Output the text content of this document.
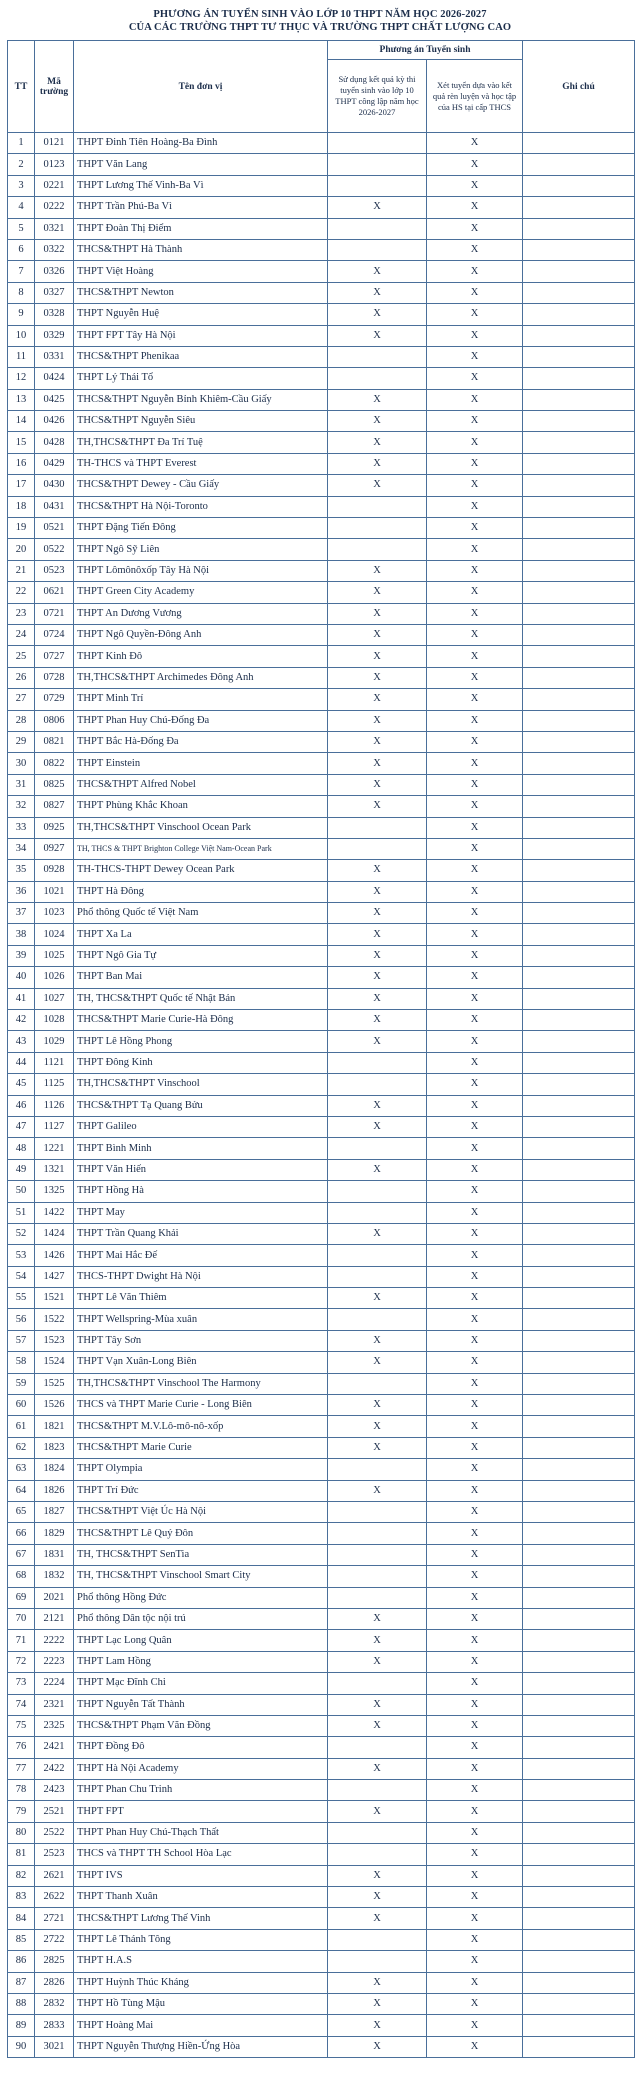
PHƯƠNG ÁN TUYỂN SINH VÀO LỚP 10 THPT NĂM HỌC 2026-2027
CỦA CÁC TRƯỜNG THPT TƯ THỤC VÀ TRƯỜNG THPT CHẤT LƯỢNG CAO
TT	Mã trường	Tên đơn vị	Phương án Tuyển sinh		Ghi chú
			Sử dụng kết quả kỳ thi tuyển sinh vào lớp 10 THPT công lập năm học 2026-2027	Xét tuyển dựa vào kết quả rèn luyện và học tập của HS tại cấp THCS	
1	0121	THPT Đinh Tiên Hoàng-Ba Đình		X	
2	0123	THPT Văn Lang		X	
3	0221	THPT Lương Thế Vinh-Ba Vì		X	
4	0222	THPT Trần Phú-Ba Vì	X	X	
5	0321	THPT Đoàn Thị Điểm		X	
6	0322	THCS&THPT Hà Thành		X	
7	0326	THPT Việt Hoàng	X	X	
8	0327	THCS&THPT Newton	X	X	
9	0328	THPT Nguyễn Huệ	X	X	
10	0329	THPT FPT Tây Hà Nội	X	X	
11	0331	THCS&THPT Phenikaa		X	
12	0424	THPT Lý Thái Tổ		X	
13	0425	THCS&THPT Nguyễn Bỉnh Khiêm-Cầu Giấy	X	X	
14	0426	THCS&THPT Nguyễn Siêu	X	X	
15	0428	TH,THCS&THPT Đa Trí Tuệ	X	X	
16	0429	TH-THCS và THPT Everest	X	X	
17	0430	THCS&THPT Dewey - Cầu Giấy	X	X	
18	0431	THCS&THPT Hà Nội-Toronto		X	
19	0521	THPT Đặng Tiến Đông		X	
20	0522	THPT Ngô Sỹ Liên		X	
21	0523	THPT Lômônôxốp Tây Hà Nội	X	X	
22	0621	THPT Green City Academy	X	X	
23	0721	THPT An Dương Vương	X	X	
24	0724	THPT Ngô Quyền-Đông Anh	X	X	
25	0727	THPT Kinh Đô	X	X	
26	0728	TH,THCS&THPT Archimedes Đông Anh	X	X	
27	0729	THPT Minh Trí	X	X	
28	0806	THPT Phan Huy Chú-Đống Đa	X	X	
29	0821	THPT Bắc Hà-Đống Đa	X	X	
30	0822	THPT Einstein	X	X	
31	0825	THCS&THPT Alfred Nobel	X	X	
32	0827	THPT Phùng Khắc Khoan	X	X	
33	0925	TH,THCS&THPT Vinschool Ocean Park		X	
34	0927	TH, THCS & THPT Brighton College Việt Nam-Ocean Park		X	
35	0928	TH-THCS-THPT Dewey Ocean Park	X	X	
36	1021	THPT Hà Đông	X	X	
37	1023	Phổ thông Quốc tế Việt Nam	X	X	
38	1024	THPT Xa La	X	X	
39	1025	THPT Ngô Gia Tự	X	X	
40	1026	THPT Ban Mai	X	X	
41	1027	TH, THCS&THPT Quốc tế Nhật Bản	X	X	
42	1028	THCS&THPT Marie Curie-Hà Đông	X	X	
43	1029	THPT Lê Hồng Phong	X	X	
44	1121	THPT Đông Kinh		X	
45	1125	TH,THCS&THPT Vinschool		X	
46	1126	THCS&THPT Tạ Quang Bửu	X	X	
47	1127	THPT Galileo	X	X	
48	1221	THPT Bình Minh		X	
49	1321	THPT Văn Hiến	X	X	
50	1325	THPT Hồng Hà		X	
51	1422	THPT May		X	
52	1424	THPT Trần Quang Khải	X	X	
53	1426	THPT Mai Hắc Đế		X	
54	1427	THCS-THPT Dwight Hà Nội		X	
55	1521	THPT Lê Văn Thiêm	X	X	
56	1522	THPT Wellspring-Mùa xuân		X	
57	1523	THPT Tây Sơn	X	X	
58	1524	THPT Vạn Xuân-Long Biên	X	X	
59	1525	TH,THCS&THPT Vinschool The Harmony		X	
60	1526	THCS và THPT Marie Curie - Long Biên	X	X	
61	1821	THCS&THPT M.V.Lô-mô-nô-xốp	X	X	
62	1823	THCS&THPT Marie Curie	X	X	
63	1824	THPT Olympia		X	
64	1826	THPT Trí Đức	X	X	
65	1827	THCS&THPT Việt Úc Hà Nội		X	
66	1829	THCS&THPT Lê Quý Đôn		X	
67	1831	TH, THCS&THPT SenTia		X	
68	1832	TH, THCS&THPT Vinschool Smart City		X	
69	2021	Phổ thông Hồng Đức		X	
70	2121	Phổ thông Dân tộc nội trú	X	X	
71	2222	THPT Lạc Long Quân	X	X	
72	2223	THPT Lam Hồng	X	X	
73	2224	THPT Mạc Đĩnh Chi		X	
74	2321	THPT Nguyễn Tất Thành	X	X	
75	2325	THCS&THPT Phạm Văn Đồng	X	X	
76	2421	THPT Đồng Đô		X	
77	2422	THPT Hà Nội Academy	X	X	
78	2423	THPT Phan Chu Trinh		X	
79	2521	THPT FPT	X	X	
80	2522	THPT Phan Huy Chú-Thạch Thất		X	
81	2523	THCS và THPT TH School Hòa Lạc		X	
82	2621	THPT IVS	X	X	
83	2622	THPT Thanh Xuân	X	X	
84	2721	THCS&THPT Lương Thế Vinh	X	X	
85	2722	THPT Lê Thánh Tông		X	
86	2825	THPT H.A.S		X	
87	2826	THPT Huỳnh Thúc Kháng	X	X	
88	2832	THPT Hồ Tùng Mậu	X	X	
89	2833	THPT Hoàng Mai	X	X	
90	3021	THPT Nguyễn Thượng Hiền-Ứng Hòa	X	X	
